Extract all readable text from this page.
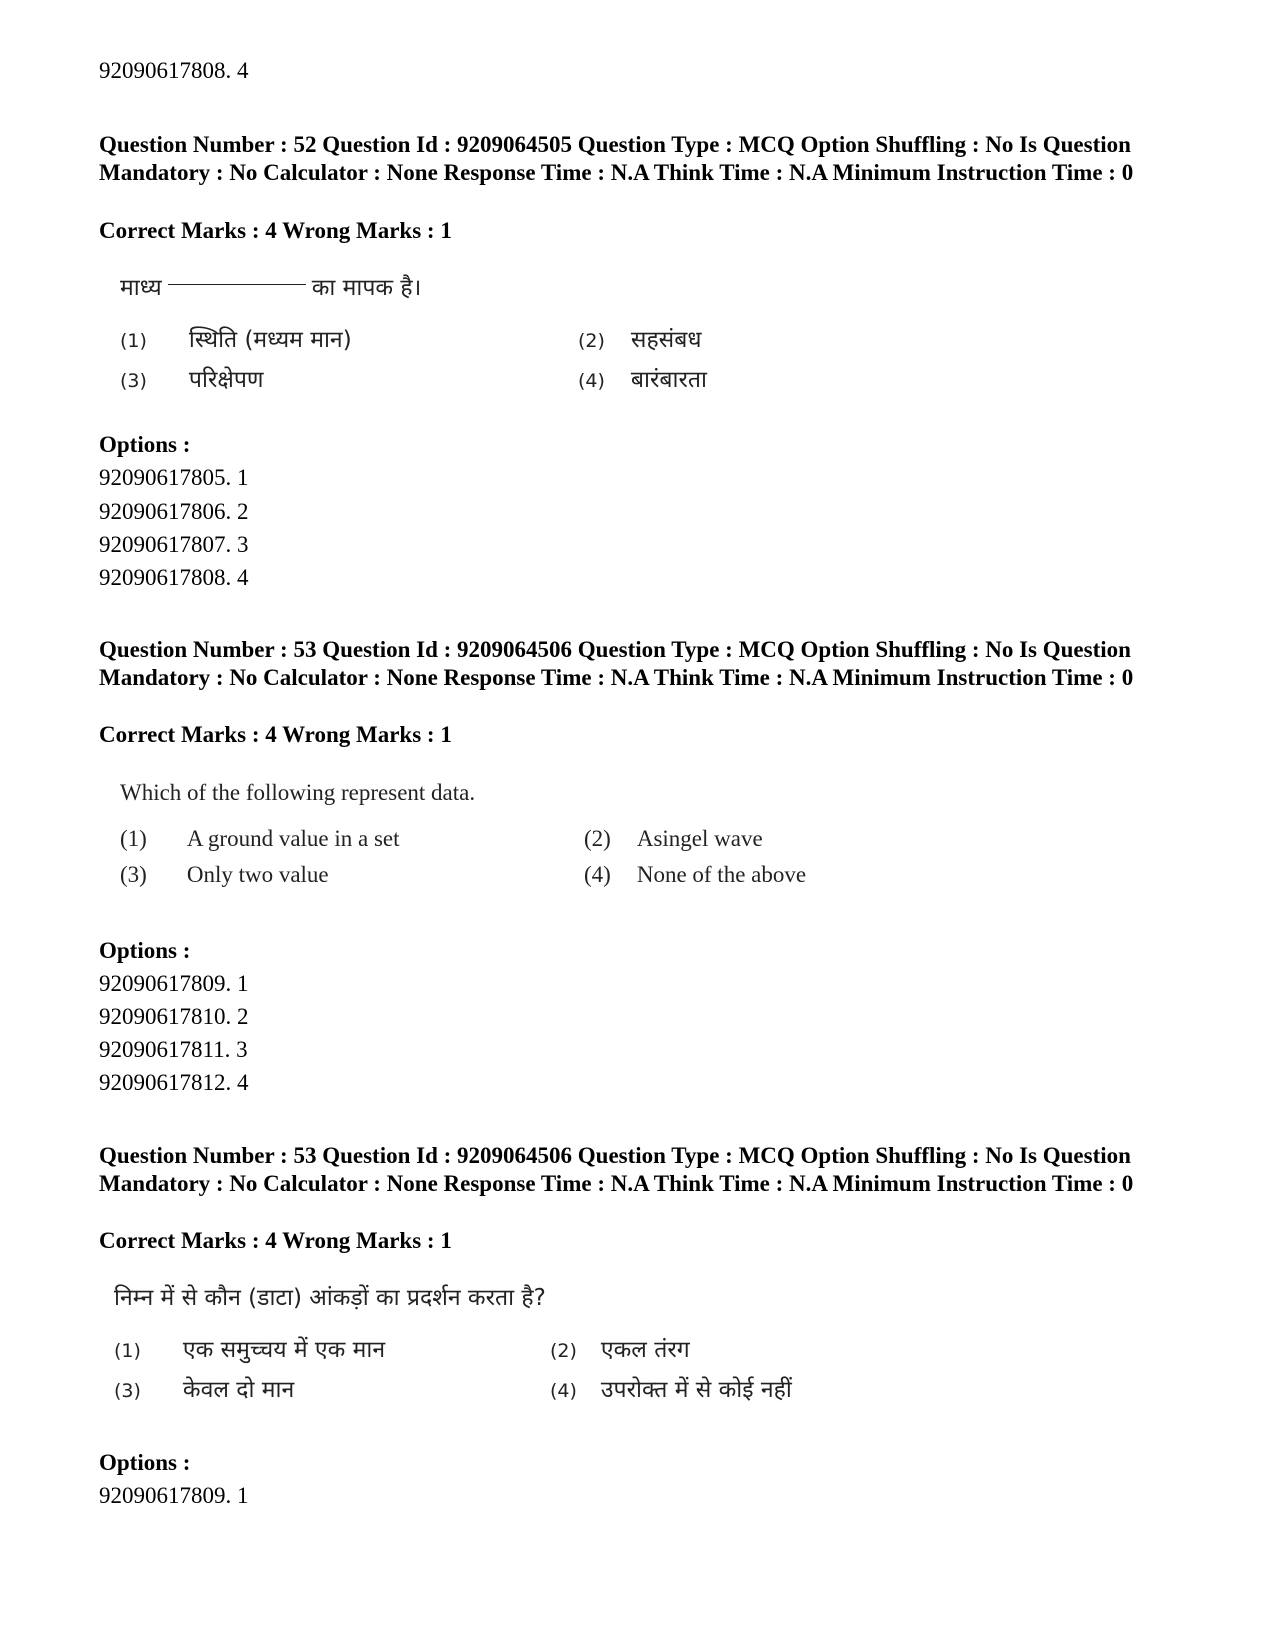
92090617808. 4
Question Number : 52 Question Id : 9209064505 Question Type : MCQ Option Shuffling : No Is Question Mandatory : No Calculator : None Response Time : N.A Think Time : N.A Minimum Instruction Time : 0
Correct Marks : 4 Wrong Marks : 1
माध्य	का मापक है।
(1) स्थिति (मध्यम मान)	(2) सहसंबध
(3) परिक्षेपण	(4) बारंबारता
Options :
92090617805. 1
92090617806. 2
92090617807. 3
92090617808. 4
Question Number : 53 Question Id : 9209064506 Question Type : MCQ Option Shuffling : No Is Question Mandatory : No Calculator : None Response Time : N.A Think Time : N.A Minimum Instruction Time : 0
Correct Marks : 4 Wrong Marks : 1
Which of the following represent data.
(1) A ground value in a set	(2) Asingel wave
(3) Only two value	(4) None of the above
Options :
92090617809. 1
92090617810. 2
92090617811. 3
92090617812. 4
Question Number : 53 Question Id : 9209064506 Question Type : MCQ Option Shuffling : No Is Question Mandatory : No Calculator : None Response Time : N.A Think Time : N.A Minimum Instruction Time : 0
Correct Marks : 4 Wrong Marks : 1
निम्न में से कौन (डाटा) आंकड़ों का प्रदर्शन करता है?
(1) एक समुच्चय में एक मान	(2) एकल तंरग
(3) केवल दो मान	(4) उपरोक्त में से कोई नहीं
Options :
92090617809. 1
